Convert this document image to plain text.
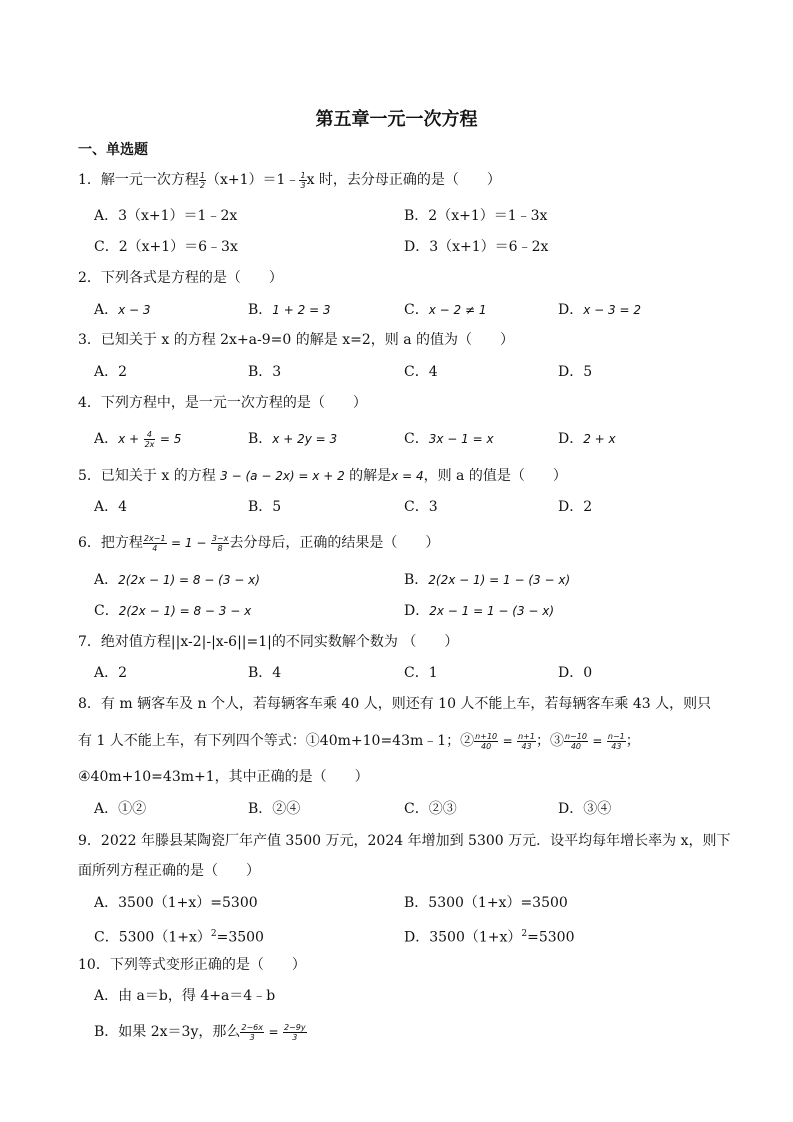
第五章一元一次方程
一、单选题
1．解一元一次方程 $\frac{1}{2}$ （x+1）＝1﹣ $\frac{1}{3}$ x 时，去分母正确的是（　　）
A．3（x+1）＝1﹣2x	B．2（x+1）＝1﹣3x
C．2（x+1）＝6﹣3x	D．3（x+1）＝6﹣2x
2．下列各式是方程的是（　　）
A．x − 3	B．1 + 2 = 3	C．x − 2 ≠ 1	D．x − 3 = 2
3．已知关于 x 的方程 2x+a-9=0 的解是 x=2，则 a 的值为（　　）
A．2	B．3	C．4	D．5
4．下列方程中，是一元一次方程的是（　　）
A．$x + \frac{4}{2x} = 5$	B．x + 2y = 3	C．3x − 1 = x	D．2 + x
5．已知关于 x 的方程 3 − (a − 2x) = x + 2 的解是x = 4，则 a 的值是（　　）
A．4	B．5	C．3	D．2
6．把方程 $\frac{2x-1}{4} = 1 - \frac{3-x}{8}$ 去分母后，正确的结果是（　　）
A．2(2x − 1) = 8 − (3 − x)	B．2(2x − 1) = 1 − (3 − x)
C．2(2x − 1) = 8 − 3 − x	D．2x − 1 = 1 − (3 − x)
7．绝对值方程||x-2|-|x-6||=1|的不同实数解个数为 （　　）
A．2	B．4	C．1	D．0
8．有 m 辆客车及 n 个人，若每辆客车乘 40 人，则还有 10 人不能上车，若每辆客车乘 43 人，则只
有 1 人不能上车，有下列四个等式：①40m+10=43m﹣1；② $\frac{n+10}{40} = \frac{n+1}{43}$ ；③ $\frac{n-10}{40} = \frac{n-1}{43}$ ；
④40m+10=43m+1，其中正确的是（　　）
A．①②	B．②④	C．②③	D．③④
9．2022 年滕县某陶瓷厂年产值 3500 万元，2024 年增加到 5300 万元．设平均每年增长率为 x，则下
面所列方程正确的是（　　）
A．3500（1+x）=5300	B．5300（1+x）=3500
C．$5300(1+x)^2=3500$	D．$3500(1+x)^2=5300$
10．下列等式变形正确的是（　　）
A．由 a＝b，得 4+a＝4﹣b
B．如果 2x＝3y，那么 $\frac{2-6x}{3} = \frac{2-9y}{3}$
